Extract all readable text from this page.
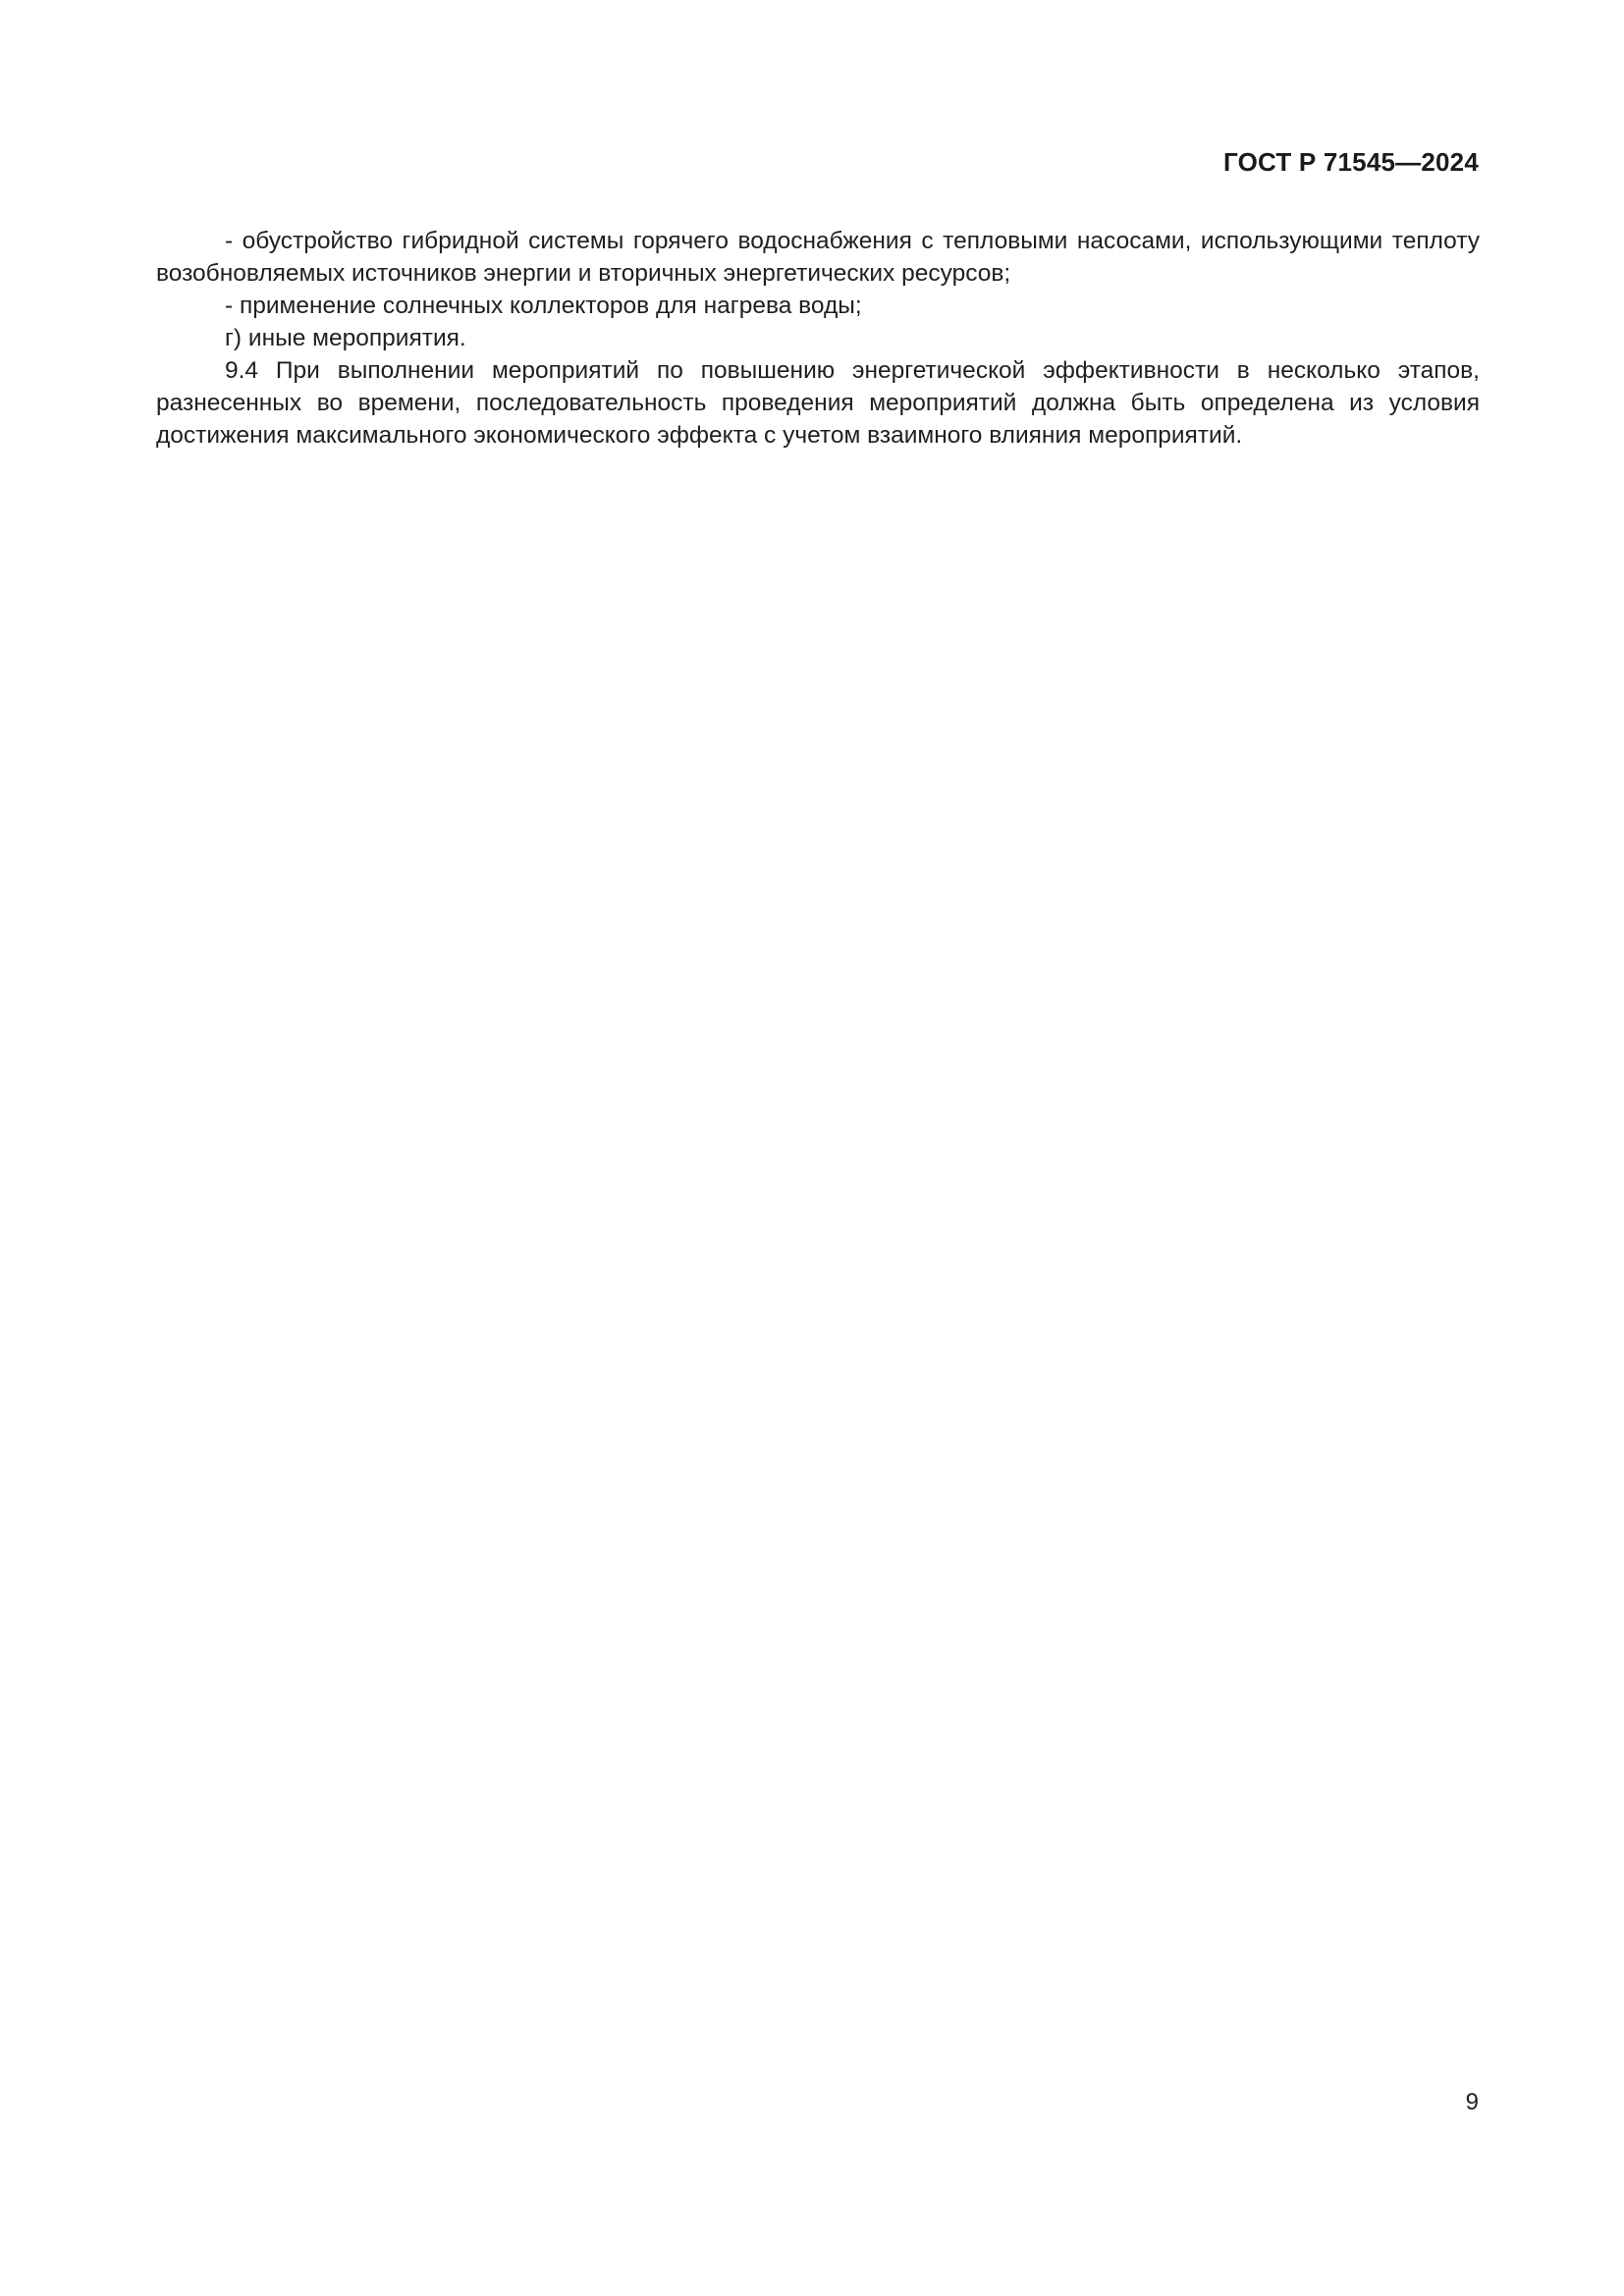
ГОСТ Р 71545—2024

- обустройство гибридной системы горячего водоснабжения с тепловыми насосами, использующими теплоту возобновляемых источников энергии и вторичных энергетических ресурсов;

- применение солнечных коллекторов для нагрева воды;

г) иные мероприятия.

9.4 При выполнении мероприятий по повышению энергетической эффективности в несколько этапов, разнесенных во времени, последовательность проведения мероприятий должна быть определена из условия достижения максимального экономического эффекта с учетом взаимного влияния мероприятий.

9
